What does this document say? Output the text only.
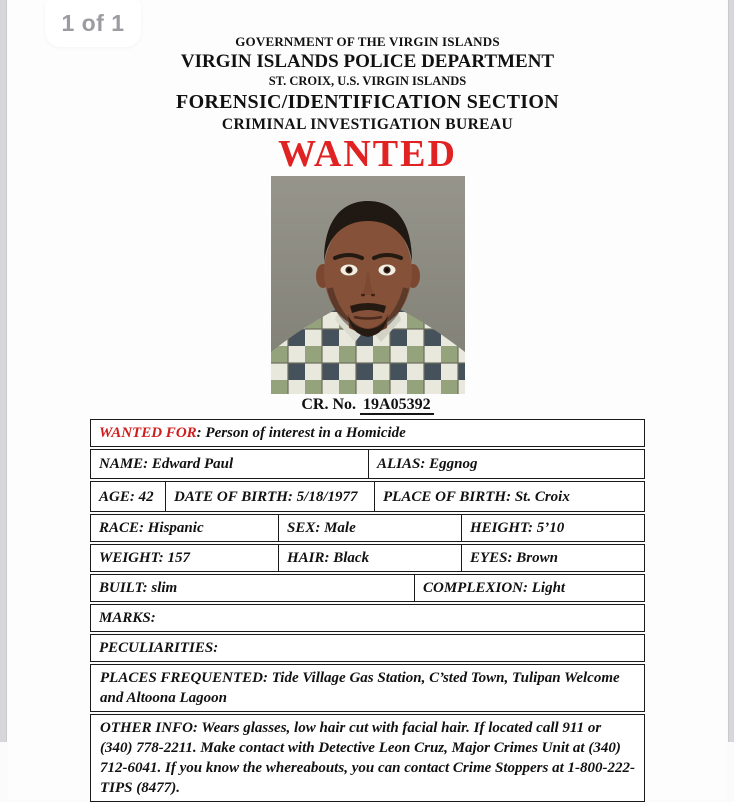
GOVERNMENT OF THE VIRGIN ISLANDS
VIRGIN ISLANDS POLICE DEPARTMENT
ST. CROIX, U.S. VIRGIN ISLANDS
FORENSIC/IDENTIFICATION SECTION
CRIMINAL INVESTIGATION BUREAU
WANTED
CR. No. 19A05392
WANTED FOR : Person of interest in a Homicide
NAME: Edward Paul	ALIAS: Eggnog
AGE: 42 DATE OF BIRTH: 5/18/1977 PLACE OF BIRTH: St. Croix
RACE: Hispanic	SEX: Male	HEIGHT: 5’10
WEIGHT: 157	HAIR: Black	EYES: Brown
BUILT: slim	COMPLEXION: Light
MARKS:
PECULIARITIES:
PLACES FREQUENTED: Tide Village Gas Station, C’sted Town, Tulipan Welcome and Altoona Lagoon
OTHER INFO: Wears glasses, low hair cut with facial hair. If located call 911 or (340) 778-2211. Make contact with Detective Leon Cruz, Major Crimes Unit at (340) 712-6041. If you know the whereabouts, you can contact Crime Stoppers at 1-800-222-TIPS (8477).
1 of 1
